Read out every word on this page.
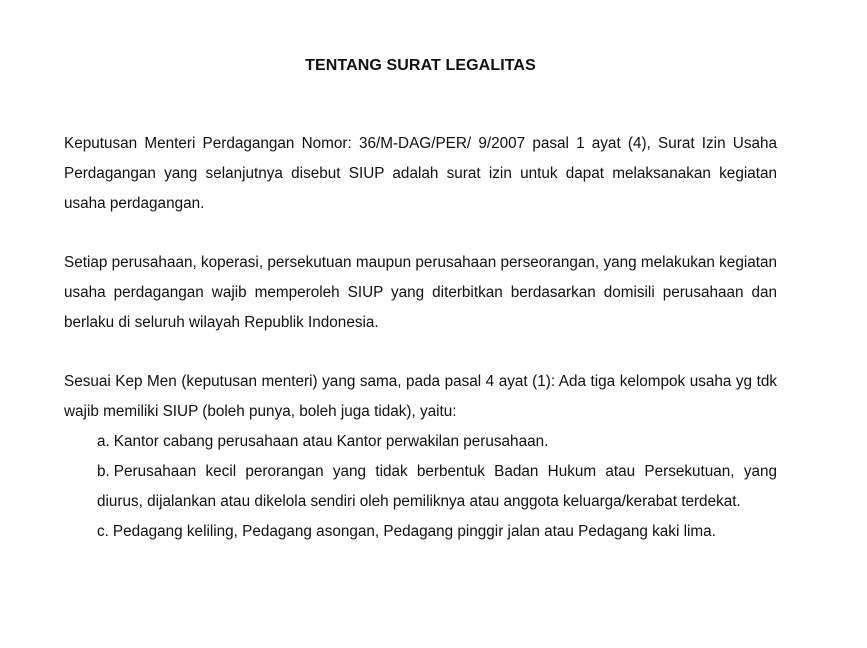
TENTANG SURAT LEGALITAS

Keputusan Menteri Perdagangan Nomor: 36/M-DAG/PER/ 9/2007 pasal 1 ayat (4), Surat Izin Usaha Perdagangan yang selanjutnya disebut SIUP adalah surat izin untuk dapat melaksanakan kegiatan usaha perdagangan.

Setiap perusahaan, koperasi, persekutuan maupun perusahaan perseorangan, yang melakukan kegiatan usaha perdagangan wajib memperoleh SIUP yang diterbitkan berdasarkan domisili perusahaan dan berlaku di seluruh wilayah Republik Indonesia.

Sesuai Kep Men (keputusan menteri) yang sama, pada pasal 4 ayat (1): Ada tiga kelompok usaha yg tdk wajib memiliki SIUP (boleh punya, boleh juga tidak), yaitu:

a. Kantor cabang perusahaan atau Kantor perwakilan perusahaan.
b. Perusahaan kecil perorangan yang tidak berbentuk Badan Hukum atau Persekutuan, yang diurus, dijalankan atau dikelola sendiri oleh pemiliknya atau anggota keluarga/kerabat terdekat.
c. Pedagang keliling, Pedagang asongan, Pedagang pinggir jalan atau Pedagang kaki lima.
